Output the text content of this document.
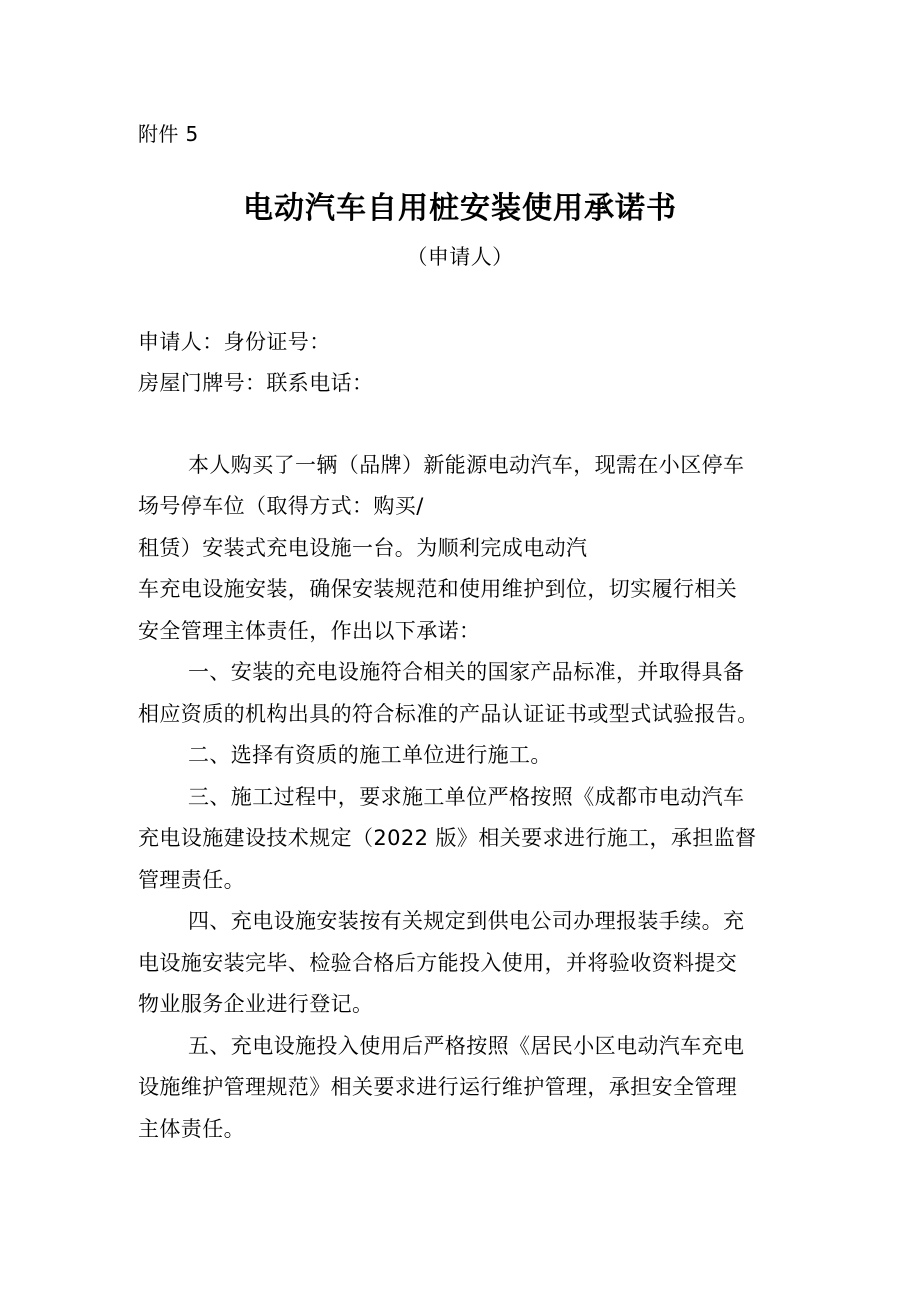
附件 5

电动汽车自用桩安装使用承诺书

（申请人）

申请人：身份证号：

房屋门牌号：联系电话：

本人购买了一辆（品牌）新能源电动汽车，现需在小区停车

场号停车位（取得方式：购买/

租赁）安装式充电设施一台。为顺利完成电动汽

车充电设施安装，确保安装规范和使用维护到位，切实履行相关

安全管理主体责任，作出以下承诺：

一、安装的充电设施符合相关的国家产品标准，并取得具备

相应资质的机构出具的符合标准的产品认证证书或型式试验报告。

二、选择有资质的施工单位进行施工。

三、施工过程中，要求施工单位严格按照《成都市电动汽车

充电设施建设技术规定（2022 版》相关要求进行施工，承担监督

管理责任。

四、充电设施安装按有关规定到供电公司办理报装手续。充

电设施安装完毕、检验合格后方能投入使用，并将验收资料提交

物业服务企业进行登记。

五、充电设施投入使用后严格按照《居民小区电动汽车充电

设施维护管理规范》相关要求进行运行维护管理，承担安全管理

主体责任。
